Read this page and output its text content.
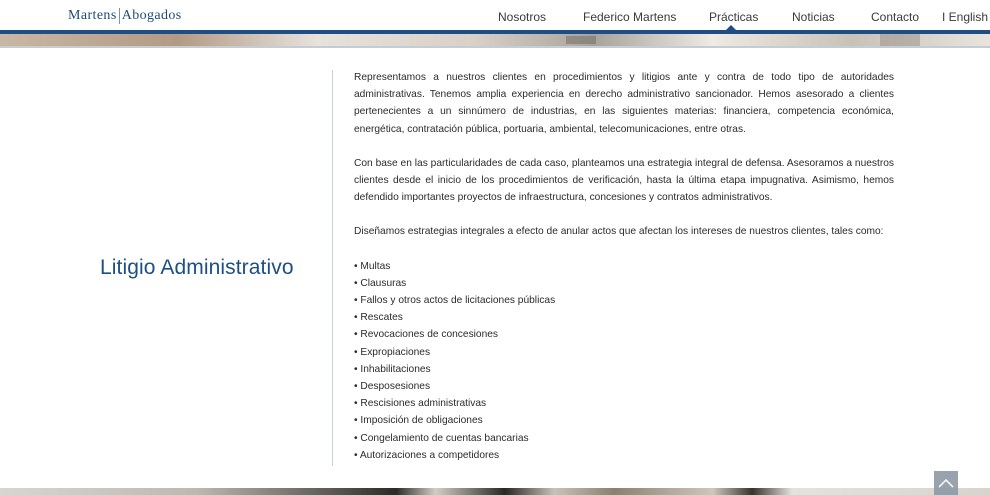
Martens Abogados	Nosotros	Federico Martens	Prácticas	Noticias	Contacto I English
Litigio Administrativo

Representamos a nuestros clientes en procedimientos y litigios ante y contra de todo tipo de autoridades administrativas. Tenemos amplia experiencia en derecho administrativo sancionador. Hemos asesorado a clientes pertenecientes a un sinnúmero de industrias, en las siguientes materias: financiera, competencia económica, energética, contratación pública, portuaria, ambiental, telecomunicaciones, entre otras.

Con base en las particularidades de cada caso, planteamos una estrategia integral de defensa. Asesoramos a nuestros clientes desde el inicio de los procedimientos de verificación, hasta la última etapa impugnativa. Asimismo, hemos defendido importantes proyectos de infraestructura, concesiones y contratos administrativos.

Diseñamos estrategias integrales a efecto de anular actos que afectan los intereses de nuestros clientes, tales como:

• Multas
• Clausuras
• Fallos y otros actos de licitaciones públicas
• Rescates
• Revocaciones de concesiones
• Expropiaciones
• Inhabilitaciones
• Desposesiones
• Rescisiones administrativas
• Imposición de obligaciones
• Congelamiento de cuentas bancarias
• Autorizaciones a competidores
